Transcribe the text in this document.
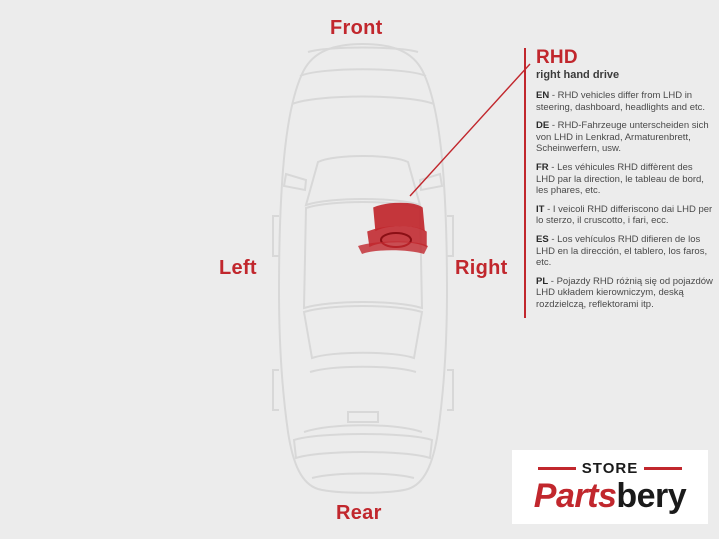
Front
Rear
Left	Right
RHD
right hand drive
EN - RHD vehicles differ from LHD in steering, dashboard, headlights and etc.
DE - RHD-Fahrzeuge unterscheiden sich von LHD in Lenkrad, Armaturenbrett, Scheinwerfern, usw.
FR - Les véhicules RHD diffèrent des LHD par la direction, le tableau de bord, les phares, etc.
IT - I veicoli RHD differiscono dai LHD per lo sterzo, il cruscotto, i fari, ecc.
ES - Los vehículos RHD difieren de los LHD en la dirección, el tablero, los faros, etc.
PL - Pojazdy RHD różnią się od pojazdów LHD układem kierowniczym, deską rozdzielczą, reflektorami itp.
STORE
Partsbery
